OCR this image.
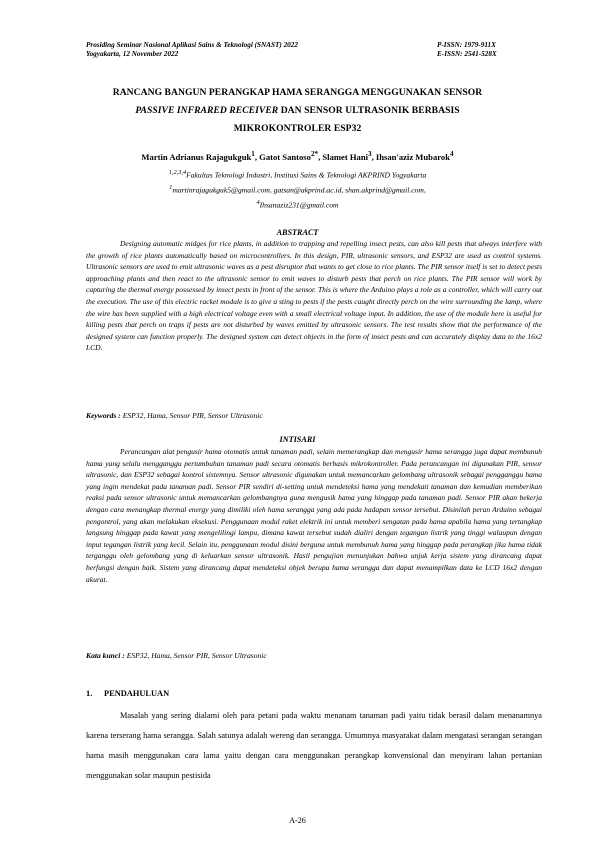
Prosiding Seminar Nasional Aplikasi Sains & Teknologi (SNAST) 2022
Yogyakarta, 12 November 2022
P-ISSN: 1979-911X
E-ISSN: 2541-528X
RANCANG BANGUN PERANGKAP HAMA SERANGGA MENGGUNAKAN SENSOR
PASSIVE INFRARED RECEIVER DAN SENSOR ULTRASONIK BERBASIS
MIKROKONTROLER ESP32
Martin Adrianus Rajagukguk$^1$, Gatot Santoso$^{2*}$, Slamet Hani$^3$, Ihsan'aziz Mubarok$^4$
$^{1,2,3,4}$Fakultas Teknologi Industri, Institusi Sains & Teknologi AKPRIND Yogyakarta
$^1$martinrajagukguk5@gmail.com, gatsan@akprind.ac.id, shan.akprind@gmail.com,
$^4$Ihsanaziz231@gmail.com
ABSTRACT

Designing automatic midges for rice plants, in addition to trapping and repelling insect pests, can also kill pests that always interfere with the growth of rice plants automatically based on microcontrollers. In this design, PIR, ultrasonic sensors, and ESP32 are used as control systems. Ultrasonic sensors are used to emit ultrasonic waves as a pest disruptor that wants to get close to rice plants. The PIR sensor itself is set to detect pests approaching plants and then react to the ultrasonic sensor to emit waves to disturb pests that perch on rice plants. The PIR sensor will work by capturing the thermal energy possessed by insect pests in front of the sensor. This is where the Arduino plays a role as a controller, which will carry out the execution. The use of this electric racket module is to give a sting to pests if the pests caught directly perch on the wire surrounding the lamp, where the wire has been supplied with a high electrical voltage even with a small electrical voltage input. In addition, the use of the module here is useful for killing pests that perch on traps if pests are not disturbed by waves emitted by ultrasonic sensors. The test results show that the performance of the designed system can function properly. The designed system can detect objects in the form of insect pests and can accurately display data to the 16x2 LCD.

Keywords : ESP32, Hama, Sensor PIR, Sensor Ultrasonic
INTISARI

Perancangan alat pengusir hama otomatis untuk tanaman padi, selain memerangkap dan mengusir hama serangga juga dapat membunuh hama yang selalu mengganggu pertumbuhan tanaman padi secara otomatis berbasis mikrokontroller. Pada perancangan ini digunakan PIR, sensor ultrasonic, dan ESP32 sebagai kontrol sistemnya. Sensor ultrasonic digunakan untuk memancarkan gelombang ultrasonik sebagai pengganggu hama yang ingin mendekat pada tanaman padi. Sensor PIR sendiri di-setting untuk mendeteksi hama yang mendekati tanaman dan kemudian memberikan reaksi pada sensor ultrasonic untuk memancarkan gelombangnya guna mengusik hama yang hinggap pada tanaman padi. Sensor PIR akan bekerja dengan cara menangkap thermal energy yang dimiliki oleh hama serangga yang ada pada hadapan sensor tersebut. Disinilah peran Arduino sebagai pengontrol, yang akan melakukan eksekusi. Penggunaan modul raket elektrik ini untuk memberi sengatan pada hama apabila hama yang tertangkap langsung hinggap pada kawat yang mengelilingi lampu, dimana kawat tersebut sudah dialiri dengan tegangan listrik yang tinggi walaupun dengan input tegangan listrik yang kecil. Selain itu, penggunaan modul disini berguna untuk membunuh hama yang hinggap pada perangkap jika hama tidak terganggu oleh gelombang yang di keluarkan sensor ultrasonik. Hasil pengujian menunjukan bahwa unjuk kerja sistem yang dirancang dapat berfungsi dengan baik. Sistem yang dirancang dapat mendeteksi objek berupa hama serangga dan dapat menampilkan data ke LCD 16x2 dengan akurat.

Kata kunci : ESP32, Hama, Sensor PIR, Sensor Ultrasonic
1. PENDAHULUAN

Masalah yang sering dialami oleh para petani pada waktu menanam tanaman padi yaitu tidak berasil dalam menanamnya karena terserang hama serangga. Salah satunya adalah wereng dan serangga. Umumnya masyarakat dalam mengatasi serangan serangan hama masih menggunakan cara lama yaitu dengan cara menggunakan perangkap konvensional dan menyiram lahan pertanian menggunakan solar maupun pestisida

A-26
